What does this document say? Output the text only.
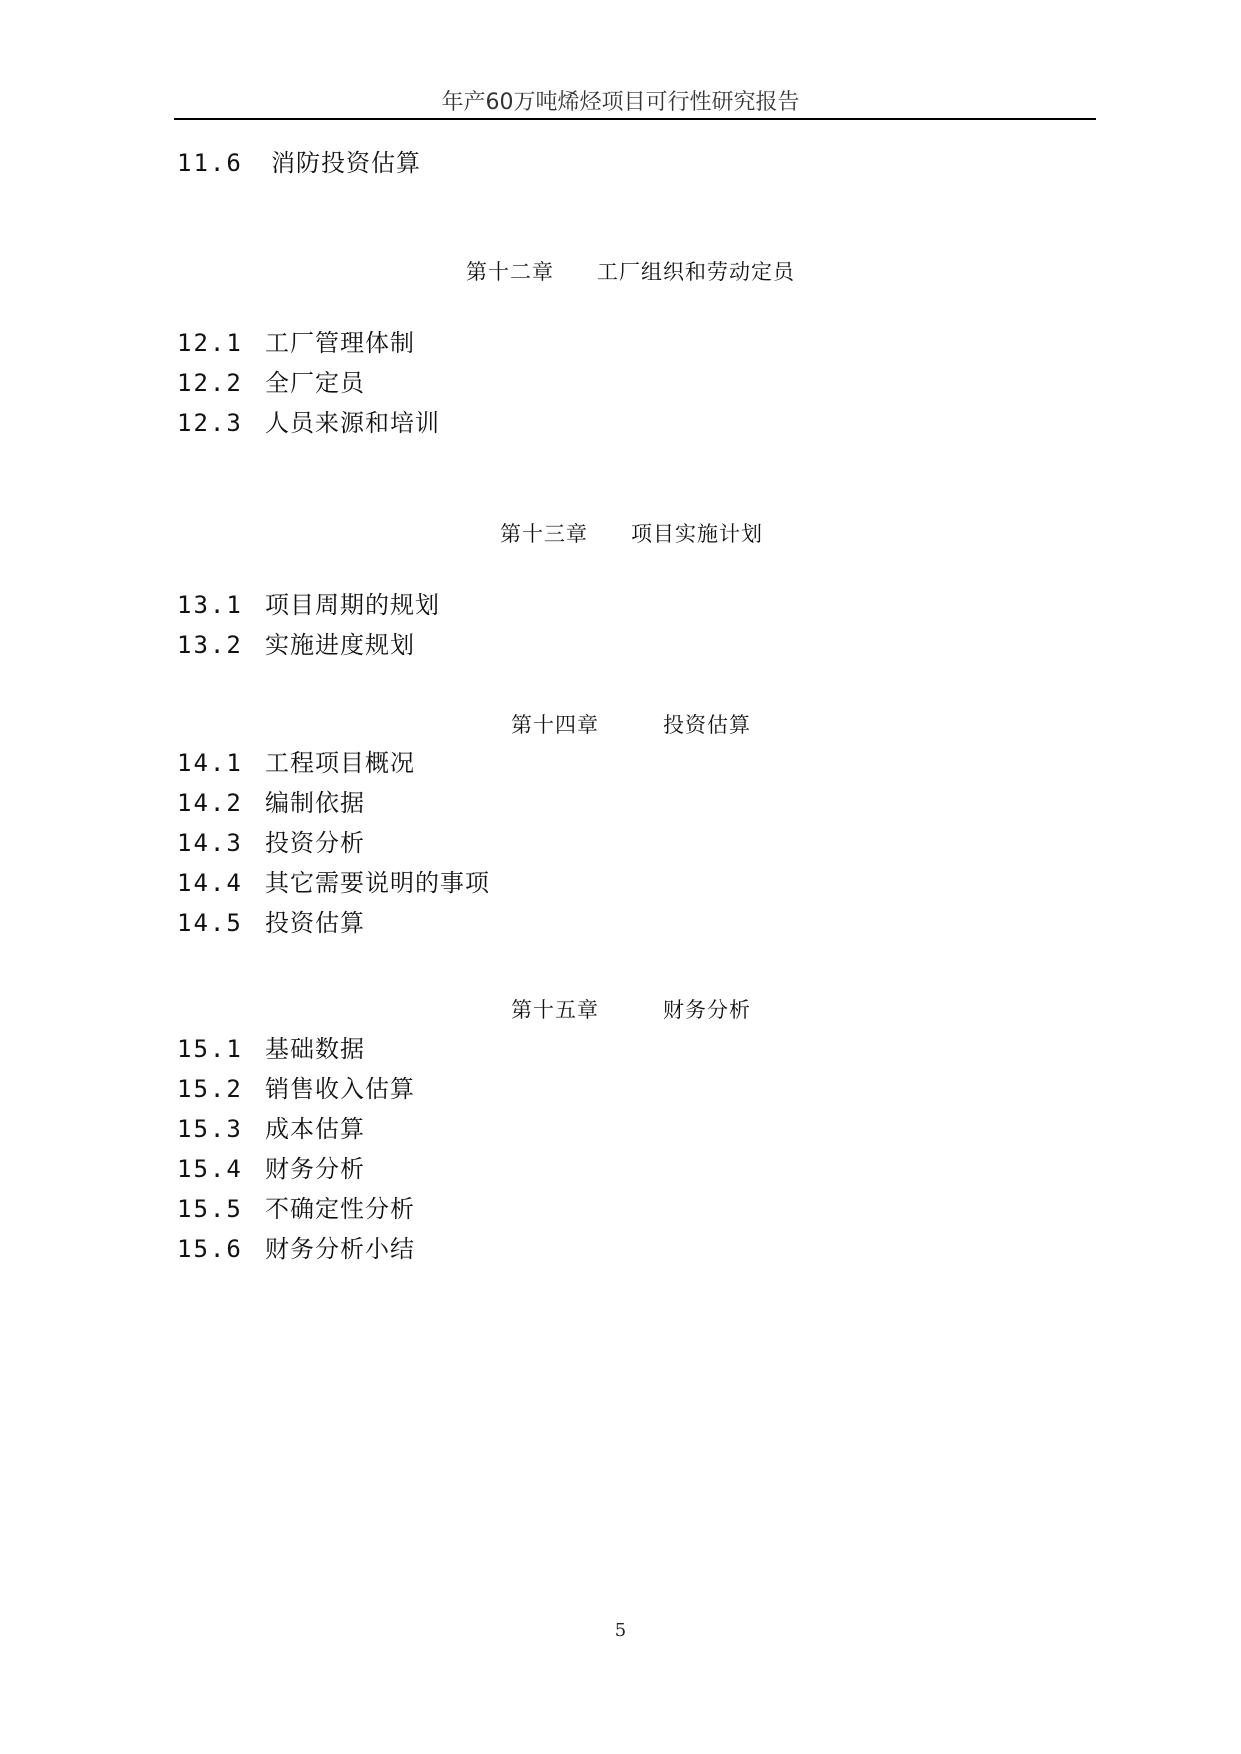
年产60万吨烯烃项目可行性研究报告
11.6 消防投资估算
第十二章 工厂组织和劳动定员
12.1 工厂管理体制
12.2 全厂定员
12.3 人员来源和培训
第十三章 项目实施计划
13.1 项目周期的规划
13.2 实施进度规划
第十四章	投资估算
14.1 工程项目概况
14.2 编制依据
14.3 投资分析
14.4 其它需要说明的事项
14.5 投资估算
第十五章	财务分析
15.1 基础数据
15.2 销售收入估算
15.3 成本估算
15.4 财务分析
15.5 不确定性分析
15.6 财务分析小结
5
